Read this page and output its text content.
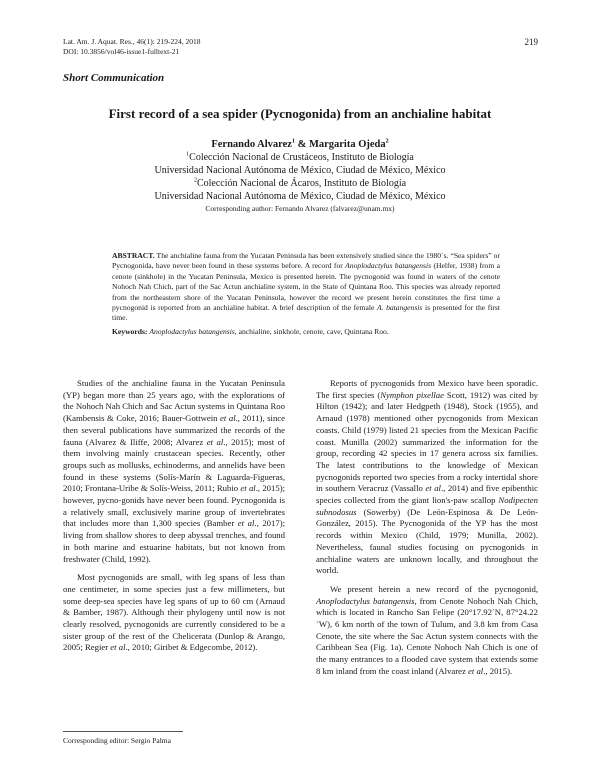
Lat. Am. J. Aquat. Res., 46(1): 219-224, 2018
DOI: 10.3856/vol46-issue1-fulltext-21
219
Short Communication
First record of a sea spider (Pycnogonida) from an anchialine habitat
Fernando Alvarez$^1$ & Margarita Ojeda$^2$
$^1$Colección Nacional de Crustáceos, Instituto de Biología
Universidad Nacional Autónoma de México, Ciudad de México, México
$^2$Colección Nacional de Ácaros, Instituto de Biología
Universidad Nacional Autónoma de México, Ciudad de México, México
Corresponding author: Fernando Alvarez (falvarez@unam.mx)
ABSTRACT. The anchialine fauna from the Yucatan Peninsula has been extensively studied since the 1980´s. “Sea spiders” or Pycnogonida, have never been found in these systems before. A record for Anoplodactylus batangensis (Helfer, 1938) from a cenote (sinkhole) in the Yucatan Peninsula, Mexico is presented herein. The pycnogonid was found in waters of the cenote Nohoch Nah Chich, part of the Sac Actun anchialine system, in the State of Quintana Roo. This species was already reported from the northeastern shore of the Yucatan Peninsula, however the record we present herein constitutes the first time a pycnogonid is reported from an anchialine habitat. A brief description of the female A. batangensis is presented for the first time.
Keywords: Anoplodactylus batangensis, anchialine, sinkhole, cenote, cave, Quintana Roo.

Studies of the anchialine fauna in the Yucatan Peninsula (YP) began more than 25 years ago, with the explorations of the Nohoch Nah Chich and Sac Actun systems in Quintana Roo (Kambensis & Coke, 2016; Bauer-Gottwein et al., 2011), since then several publications have summarized the records of the fauna (Alvarez & Iliffe, 2008; Alvarez et al., 2015); most of them involving mainly crustacean species. Recently, other groups such as mollusks, echinoderms, and annelids have been found in these systems (Solís-Marín & Laguarda-Figueras, 2010; Frontana-Uribe & Solís-Weiss, 2011; Rubio et al., 2015); however, pycno-gonids have never been found. Pycnogonida is a relatively small, exclusively marine group of invertebrates that includes more than 1,300 species (Bamber et al., 2017); living from shallow shores to deep abyssal trenches, and found in both marine and estuarine habitats, but not known from freshwater (Child, 1992).

Most pycnogonids are small, with leg spans of less than one centimeter, in some species just a few millimeters, but some deep-sea species have leg spans of up to 60 cm (Arnaud & Bamber, 1987). Although their phylogeny until now is not clearly resolved, pycnogonids are currently considered to be a sister group of the rest of the Chelicerata (Dunlop & Arango, 2005; Regier et al., 2010; Giribet & Edgecombe, 2012).

Reports of pycnogonids from Mexico have been sporadic. The first species (Nymphon pixellae Scott, 1912) was cited by Hilton (1942); and later Hedgpeth (1948), Stock (1955), and Arnaud (1978) mentioned other pycnogonids from Mexican coasts. Child (1979) listed 21 species from the Mexican Pacific coast. Munilla (2002) summarized the information for the group, recording 42 species in 17 genera across six families. The latest contributions to the knowledge of Mexican pycnogonids reported two species from a rocky intertidal shore in southern Veracruz (Vassallo et al., 2014) and five epibenthic species collected from the giant lion's-paw scallop Nodipecten subnodosus (Sowerby) (De León-Espinosa & De León-González, 2015). The Pycnogonida of the YP has the most records within Mexico (Child, 1979; Munilla, 2002). Nevertheless, faunal studies focusing on pycnogonids in anchialine waters are unknown locally, and throughout the world.

We present herein a new record of the pycnogonid, Anoplodactylus batangensis, from Cenote Nohoch Nah Chich, which is located in Rancho San Felipe (20°17.92´N, 87°24.22´W), 6 km north of the town of Tulum, and 3.8 km from Casa Cenote, the site where the Sac Actun system connects with the Caribbean Sea (Fig. 1a). Cenote Nohoch Nah Chich is one of the many entrances to a flooded cave system that extends some 8 km inland from the coast inland (Alvarez et al., 2015).

Corresponding editor: Sergio Palma
